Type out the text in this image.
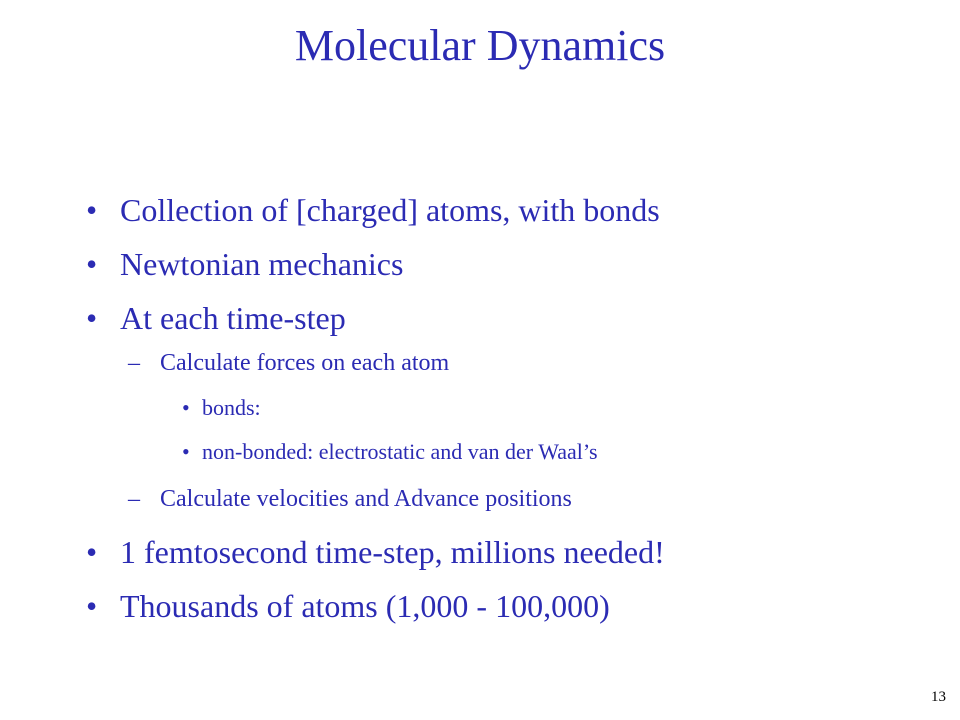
Molecular Dynamics
• Collection of [charged] atoms, with bonds
• Newtonian mechanics
• At each time-step
– Calculate forces on each atom
• bonds:
• non-bonded: electrostatic and van der Waal’s
– Calculate velocities and Advance positions
• 1 femtosecond time-step, millions needed!
• Thousands of atoms (1,000 - 100,000)
13
